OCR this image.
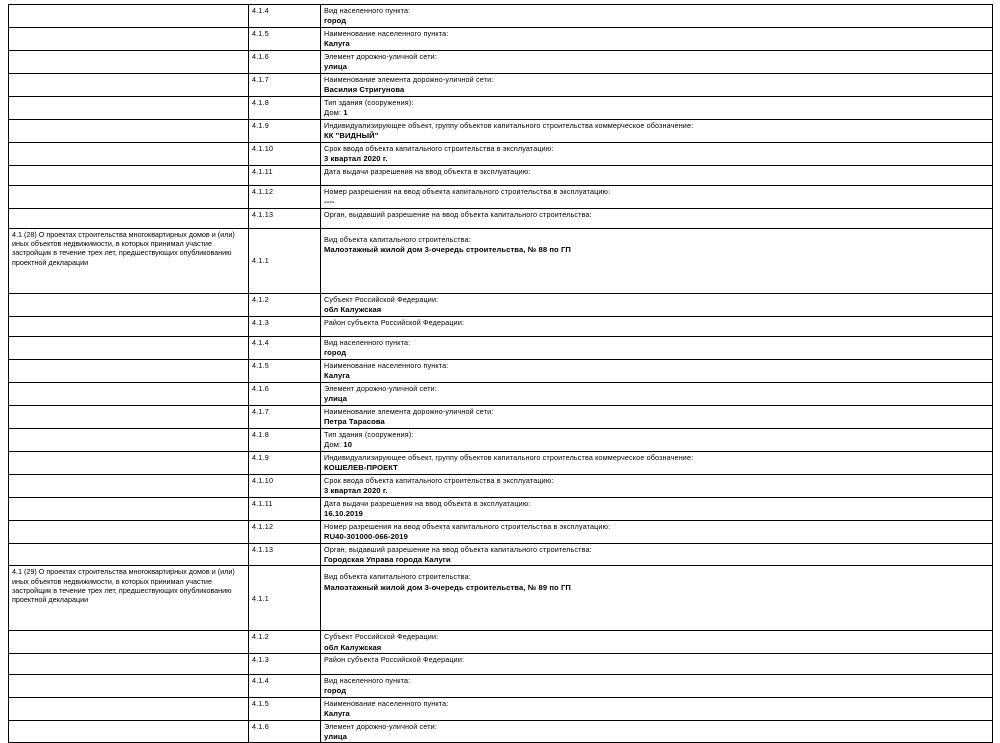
	4.1.4	Вид населенного пункта:
город

	4.1.5	Наименование населенного пункта:
Калуга

	4.1.6	Элемент дорожно-уличной сети:
улица

	4.1.7	Наименование элемента дорожно-уличной сети:
Василия Стригунова

	4.1.8	Тип здания (сооружения):
Дом: 1

	4.1.9	Индивидуализирующее объект, группу объектов капитального строительства коммерческое обозначение:
КК "ВИДНЫЙ"

	4.1.10	Срок ввода объекта капитального строительства в эксплуатацию:
3 квартал 2020 г.

	4.1.11	Дата выдачи разрешения на ввод объекта в эксплуатацию:

	4.1.12	Номер разрешения на ввод объекта капитального строительства в эксплуатацию:
----

	4.1.13	Орган, выдавший разрешение на ввод объекта капитального строительства:

4.1 (28) О проектах строительства многоквартирных домов и (или) иных объектов недвижимости, в которых принимал участие застройщик в течение трех лет, предшествующих опубликованию проектной декларации	4.1.1	Вид объекта капитального строительства:
Малоэтажный жилой дом 3-очередь строительства, № 88 по ГП

	4.1.2	Субъект Российской Федерации:
обл Калужская

	4.1.3	Район субъекта Российской Федерации:

	4.1.4	Вид населенного пункта:
город

	4.1.5	Наименование населенного пункта:
Калуга

	4.1.6	Элемент дорожно-уличной сети:
улица

	4.1.7	Наименование элемента дорожно-уличной сети:
Петра Тарасова

	4.1.8	Тип здания (сооружения):
Дом: 10

	4.1.9	Индивидуализирующее объект, группу объектов капитального строительства коммерческое обозначение:
КОШЕЛЕВ-ПРОЕКТ

	4.1.10	Срок ввода объекта капитального строительства в эксплуатацию:
3 квартал 2020 г.

	4.1.11	Дата выдачи разрешения на ввод объекта в эксплуатацию:
16.10.2019

	4.1.12	Номер разрешения на ввод объекта капитального строительства в эксплуатацию:
RU40-301000-066-2019

	4.1.13	Орган, выдавший разрешение на ввод объекта капитального строительства:
Городская Управа города Калуги

4.1 (29) О проектах строительства многоквартирных домов и (или) иных объектов недвижимости, в которых принимал участие застройщик в течение трех лет, предшествующих опубликованию проектной декларации	4.1.1	Вид объекта капитального строительства:
Малоэтажный жилой дом 3-очередь строительства, № 89 по ГП

	4.1.2	Субъект Российской Федерации:
обл Калужская

	4.1.3	Район субъекта Российской Федерации:

	4.1.4	Вид населенного пункта:
город

	4.1.5	Наименование населенного пункта:
Калуга

	4.1.6	Элемент дорожно-уличной сети:
улица
